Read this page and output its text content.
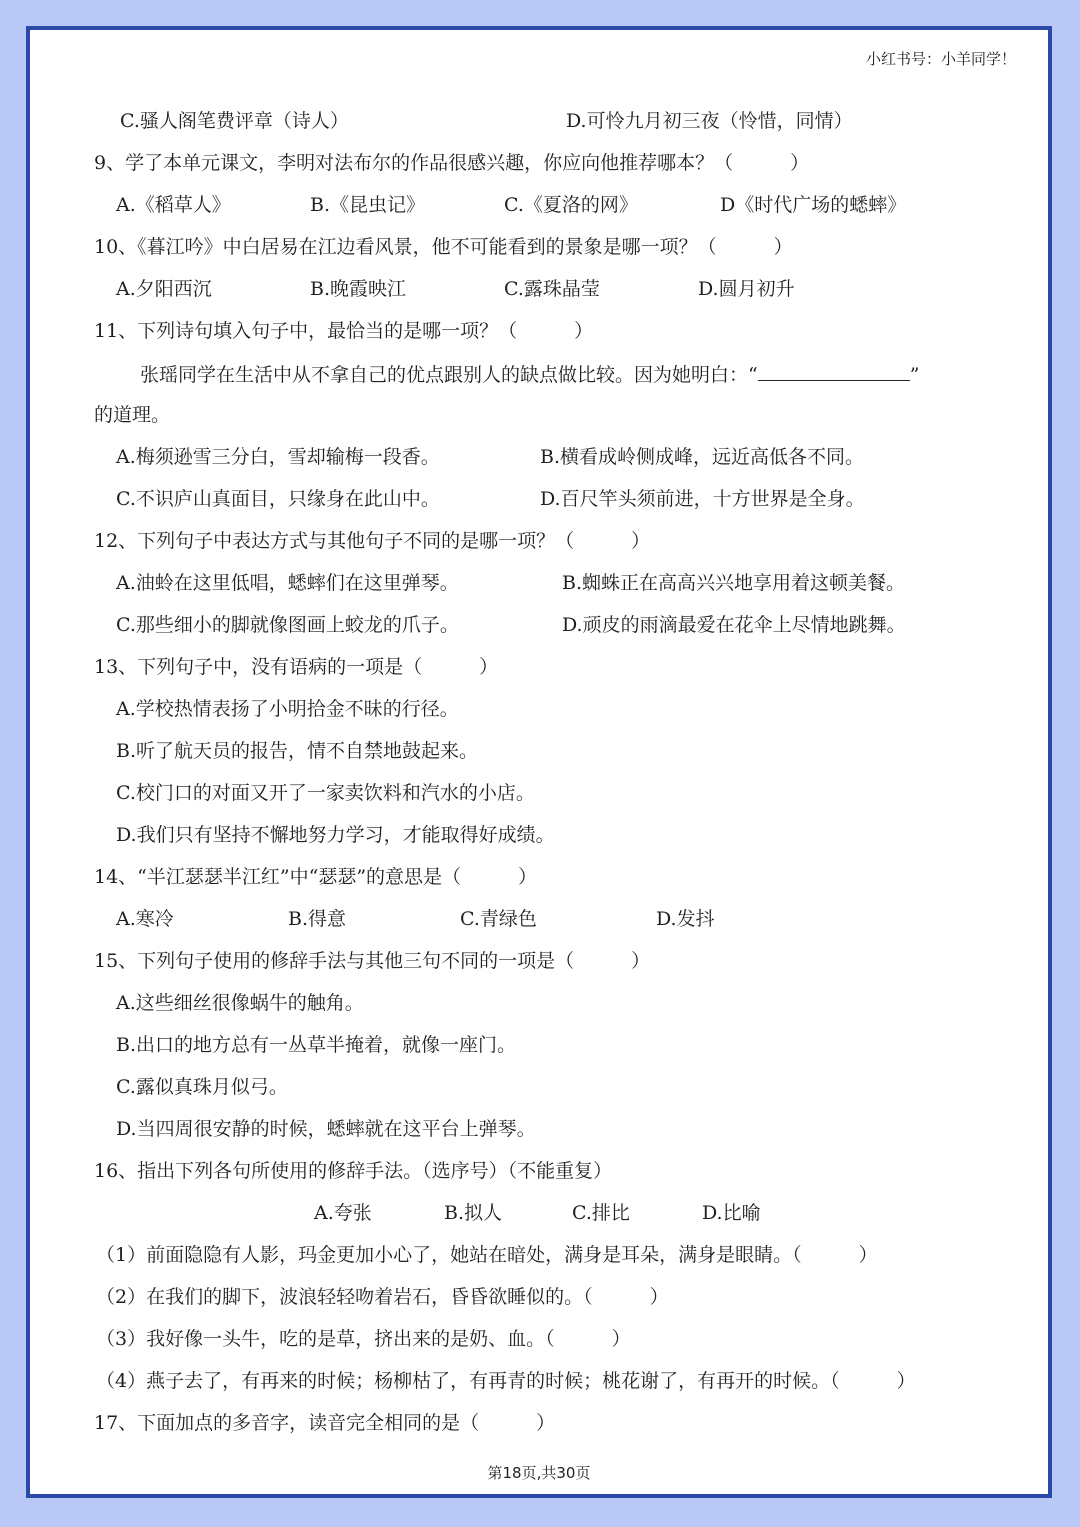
小红书号：小羊同学！
C.骚人阁笔费评章（诗人）	D.可怜九月初三夜（怜惜，同情）
9、学了本单元课文，李明对法布尔的作品很感兴趣，你应向他推荐哪本？（　　　）
A.《稻草人》	B.《昆虫记》	C.《夏洛的网》	D《时代广场的蟋蟀》
10、《暮江吟》中白居易在江边看风景，他不可能看到的景象是哪一项？（　　　）
A.夕阳西沉	B.晚霞映江	C.露珠晶莹	D.圆月初升
11、下列诗句填入句子中，最恰当的是哪一项？（　　　）
张瑶同学在生活中从不拿自己的优点跟别人的缺点做比较。因为她明白：“	”
的道理。
A.梅须逊雪三分白，雪却输梅一段香。	B.横看成岭侧成峰，远近高低各不同。
C.不识庐山真面目，只缘身在此山中。	D.百尺竿头须前进，十方世界是全身。
12、下列句子中表达方式与其他句子不同的是哪一项？（　　　）
A.油蛉在这里低唱，蟋蟀们在这里弹琴。	B.蜘蛛正在高高兴兴地享用着这顿美餐。
C.那些细小的脚就像图画上蛟龙的爪子。	D.顽皮的雨滴最爱在花伞上尽情地跳舞。
13、下列句子中，没有语病的一项是（　　　）
A.学校热情表扬了小明拾金不昧的行径。
B.听了航天员的报告，情不自禁地鼓起来。
C.校门口的对面又开了一家卖饮料和汽水的小店。
D.我们只有坚持不懈地努力学习，才能取得好成绩。
14、“半江瑟瑟半江红”中“瑟瑟”的意思是（　　　）
A.寒冷	B.得意	C.青绿色	D.发抖
15、下列句子使用的修辞手法与其他三句不同的一项是（　　　）
A.这些细丝很像蜗牛的触角。
B.出口的地方总有一丛草半掩着，就像一座门。
C.露似真珠月似弓。
D.当四周很安静的时候，蟋蟀就在这平台上弹琴。
16、指出下列各句所使用的修辞手法。（选序号）（不能重复）
A.夸张	B.拟人	C.排比	D.比喻
（1）前面隐隐有人影，玛金更加小心了，她站在暗处，满身是耳朵，满身是眼睛。（　　　）
（2）在我们的脚下，波浪轻轻吻着岩石，昏昏欲睡似的。（　　　）
（3）我好像一头牛，吃的是草，挤出来的是奶、血。（　　　）
（4）燕子去了，有再来的时候；杨柳枯了，有再青的时候；桃花谢了，有再开的时候。（　　　）
17、下面加点的多音字，读音完全相同的是（　　　）
第18页,共30页
